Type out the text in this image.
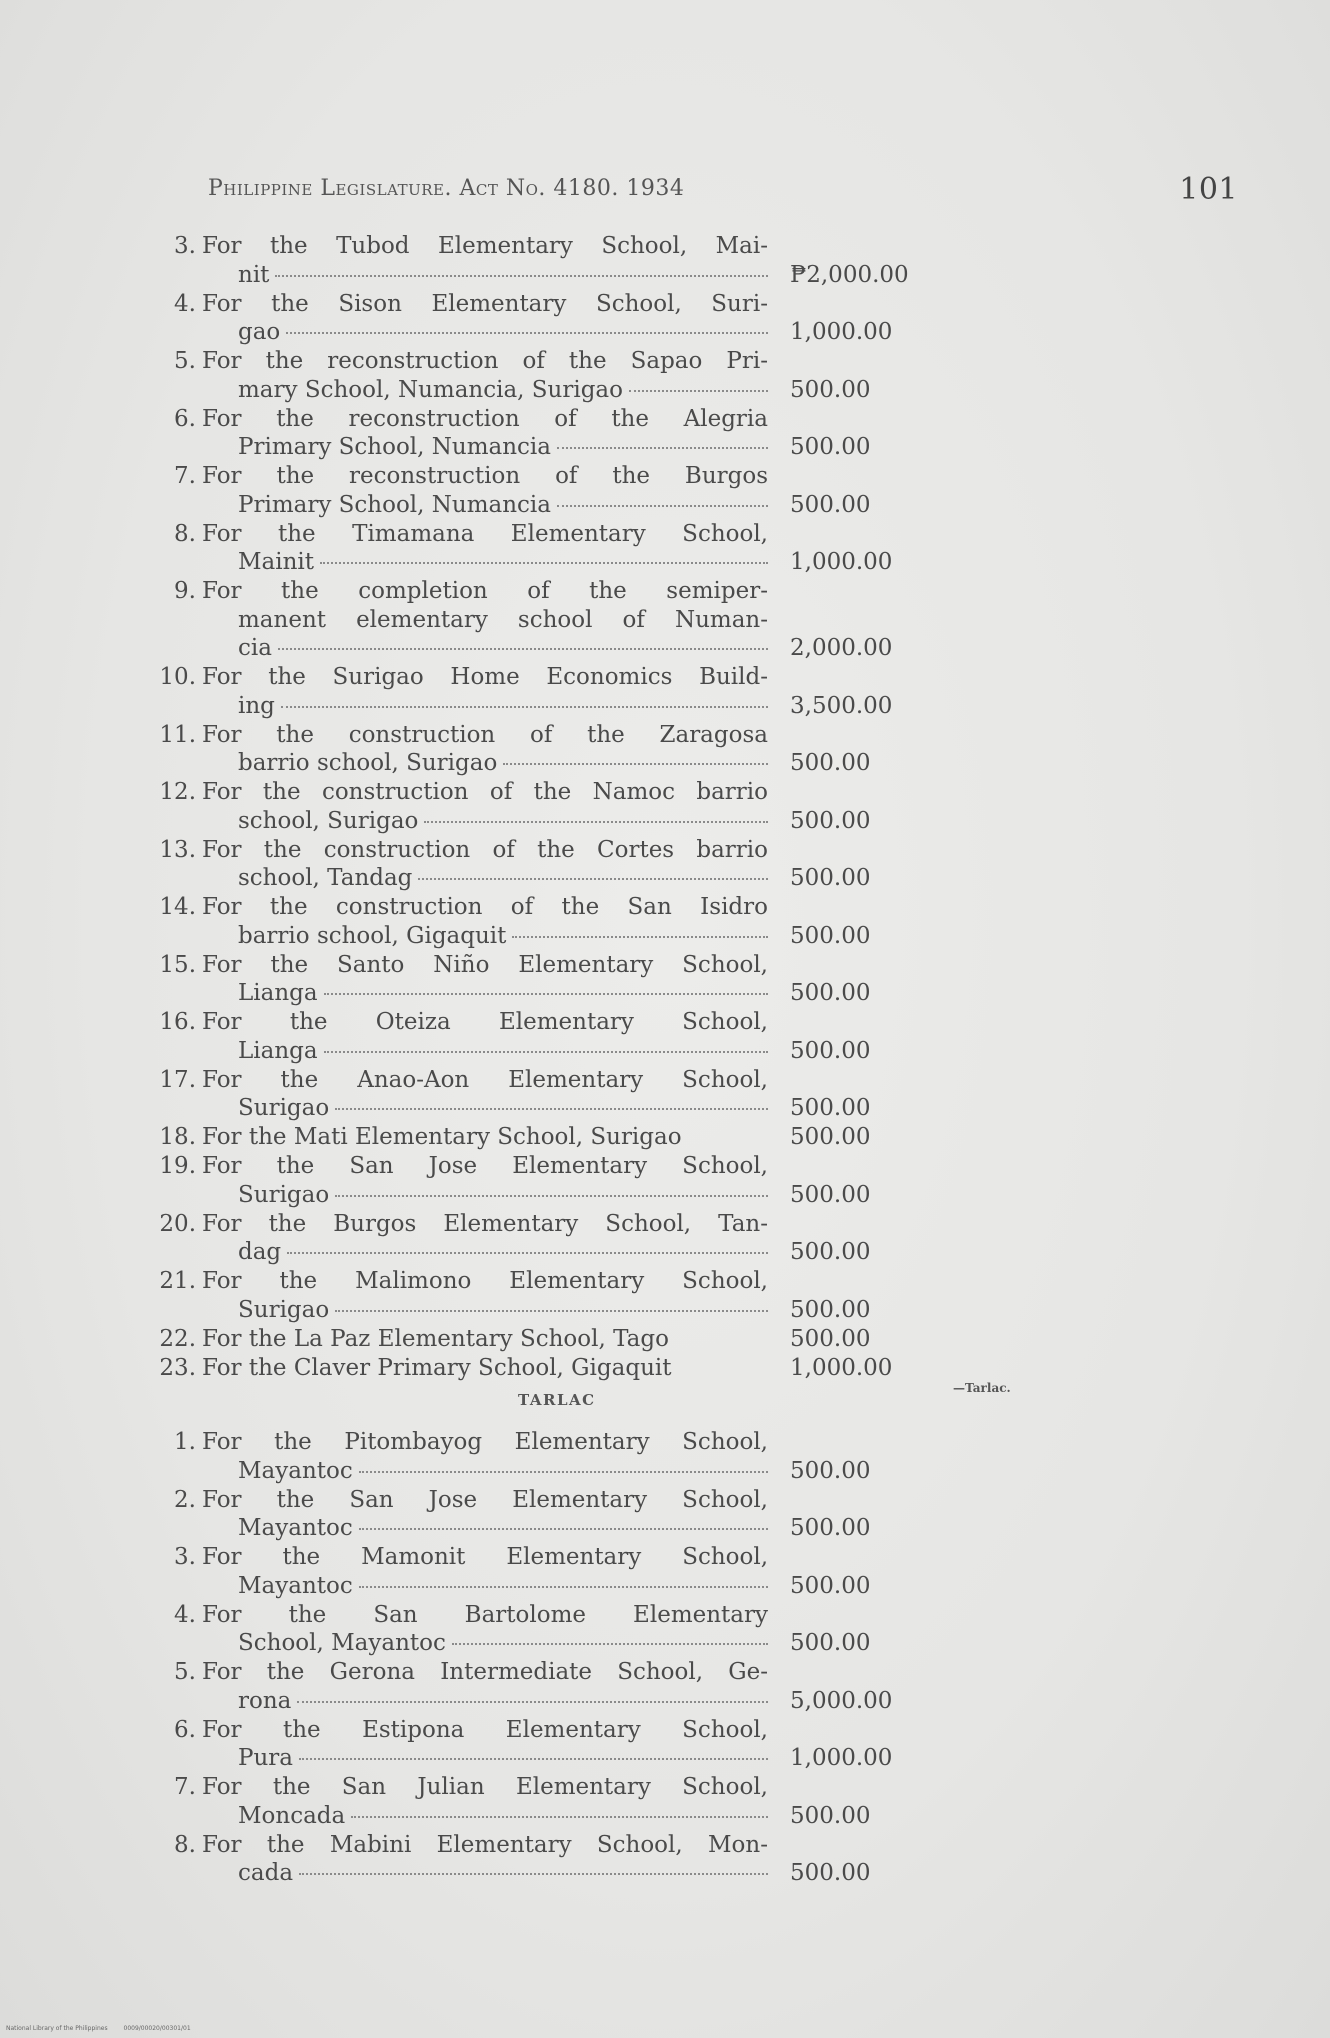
Philippine Legislature. Act No. 4180. 1934	101
3. For the Tubod Elementary School, Mai-
nit	₱2,000.00
4. For the Sison Elementary School, Suri-
gao	1,000.00
5. For the reconstruction of the Sapao Pri-
mary School, Numancia, Surigao	500.00
6. For the reconstruction of the Alegria
Primary School, Numancia	500.00
7. For the reconstruction of the Burgos
Primary School, Numancia	500.00
8. For the Timamana Elementary School,
Mainit	1,000.00
9. For the completion of the semiper-
manent elementary school of Numan-
cia	2,000.00
10. For the Surigao Home Economics Build-
ing	3,500.00
11. For the construction of the Zaragosa
barrio school, Surigao	500.00
12. For the construction of the Namoc barrio
school, Surigao	500.00
13. For the construction of the Cortes barrio
school, Tandag	500.00
14. For the construction of the San Isidro
barrio school, Gigaquit	500.00
15. For the Santo Niño Elementary School,
Lianga	500.00
16. For the Oteiza Elementary School,
Lianga	500.00
17. For the Anao-Aon Elementary School,
Surigao	500.00
18. For the Mati Elementary School, Surigao	500.00
19. For the San Jose Elementary School,
Surigao	500.00
20. For the Burgos Elementary School, Tan-
dag	500.00
21. For the Malimono Elementary School,
Surigao	500.00
22. For the La Paz Elementary School, Tago	500.00
23. For the Claver Primary School, Gigaquit	1,000.00
—Tarlac.
TARLAC
1. For the Pitombayog Elementary School,
Mayantoc	500.00
2. For the San Jose Elementary School,
Mayantoc	500.00
3. For the Mamonit Elementary School,
Mayantoc	500.00
4. For the San Bartolome Elementary
School, Mayantoc	500.00
5. For the Gerona Intermediate School, Ge-
rona	5,000.00
6. For the Estipona Elementary School,
Pura	1,000.00
7. For the San Julian Elementary School,
Moncada	500.00
8. For the Mabini Elementary School, Mon-
cada	500.00
National Library of the Philippines	0009/00020/00301/01
